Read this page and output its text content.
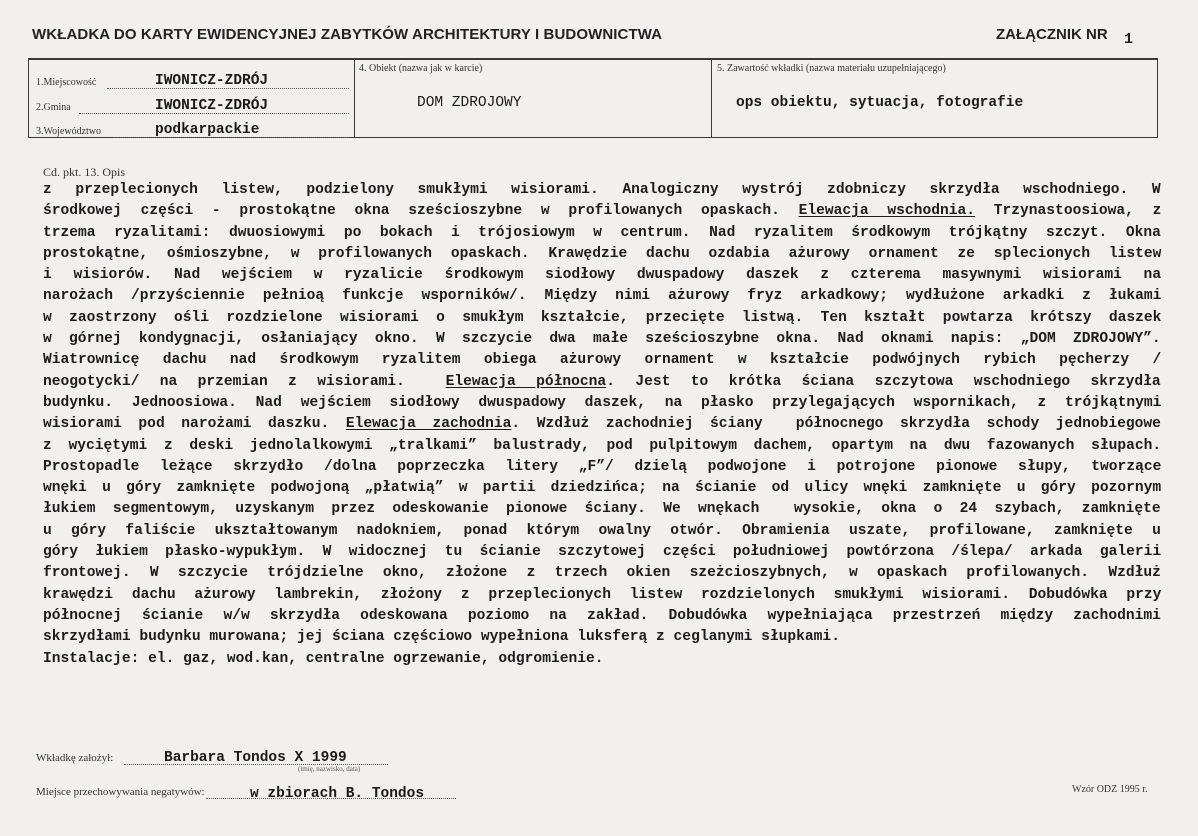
WKŁADKA DO KARTY EWIDENCYJNEJ ZABYTKÓW ARCHITEKTURY I BUDOWNICTWA	ZAŁĄCZNIK NR 1
1.Miejscowość	IWONICZ-ZDRÓJ
2.Gmina	IWONICZ-ZDRÓJ
3.Województwo	podkarpackie
4. Obiekt (nazwa jak w karcie)
DOM ZDROJOWY
5. Zawartość wkładki (nazwa materiału uzupełniającego)
ops obiektu, sytuacja, fotografie
Cd. pkt. 13. Opis
z przeplecionych listew, podzielony smukłymi wisiorami. Analogiczny wystrój zdobniczy skrzydła wschodniego. W
środkowej części - prostokątne okna sześcioszybne w profilowanych opaskach. Elewacja wschodnia. Trzynastoosiowa, z
trzema ryzalitami: dwuosiowymi po bokach i trójosiowym w centrum. Nad ryzalitem środkowym trójkątny szczyt. Okna
prostokątne, ośmioszybne, w profilowanych opaskach. Krawędzie dachu ozdabia ażurowy ornament ze splecionych listew
i wisiorów. Nad wejściem w ryzalicie środkowym siodłowy dwuspadowy daszek z czterema masywnymi wisiorami na
narożach /przyściennie pełnioą funkcje wsporników/. Między nimi ażurowy fryz arkadkowy; wydłużone arkadki z łukami
w zaostrzony ośli rozdzielone wisiorami o smukłym kształcie, przecięte listwą. Ten kształt powtarza krótszy daszek
w górnej kondygnacji, osłaniający okno. W szczycie dwa małe sześcioszybne okna. Nad oknami napis: „DOM ZDROJOWY”.
Wiatrownicę dachu nad środkowym ryzalitem obiega ażurowy ornament w kształcie podwójnych rybich pęcherzy /
neogotycki/ na przemian z wisiorami.  Elewacja północna. Jest to krótka ściana szczytowa wschodniego skrzydła
budynku. Jednoosiowa. Nad wejściem siodłowy dwuspadowy daszek, na płasko przylegających wspornikach, z trójkątnymi
wisiorami pod narożami daszku. Elewacja zachodnia. Wzdłuż zachodniej ściany  północnego skrzydła schody jednobiegowe
z wyciętymi z deski jednolalkowymi „tralkami” balustrady, pod pulpitowym dachem, opartym na dwu fazowanych słupach.
Prostopadle leżące skrzydło /dolna poprzeczka litery „F”/ dzielą podwojone i potrojone pionowe słupy, tworzące
wnęki u góry zamknięte podwojoną „płatwią” w partii dziedzińca; na ścianie od ulicy wnęki zamknięte u góry pozornym
łukiem segmentowym, uzyskanym przez odeskowanie pionowe ściany. We wnękach  wysokie, okna o 24 szybach, zamknięte
u góry faliście ukształtowanym nadokniem, ponad którym owalny otwór. Obramienia uszate, profilowane, zamknięte u
góry łukiem płasko-wypukłym. W widocznej tu ścianie szczytowej części południowej powtórzona /ślepa/ arkada galerii
frontowej. W szczycie trójdzielne okno, złożone z trzech okien szeżcioszybnych, w opaskach profilowanych. Wzdłuż
krawędzi dachu ażurowy lambrekin, złożony z przeplecionych listew rozdzielonych smukłymi wisiorami. Dobudówka przy
północnej ścianie w/w skrzydła odeskowana poziomo na zakład. Dobudówka wypełniająca przestrzeń między zachodnimi
skrzydłami budynku murowana; jej ściana częściowo wypełniona luksferą z ceglanymi słupkami.
Instalacje: el. gaz, wod.kan, centralne ogrzewanie, odgromienie.
Wkładkę założył:	Barbara Tondos X 1999
(imię, nazwisko, data)
Miejsce przechowywania negatywów:	w zbiorach B. Tondos	Wzór ODZ 1995 r.
